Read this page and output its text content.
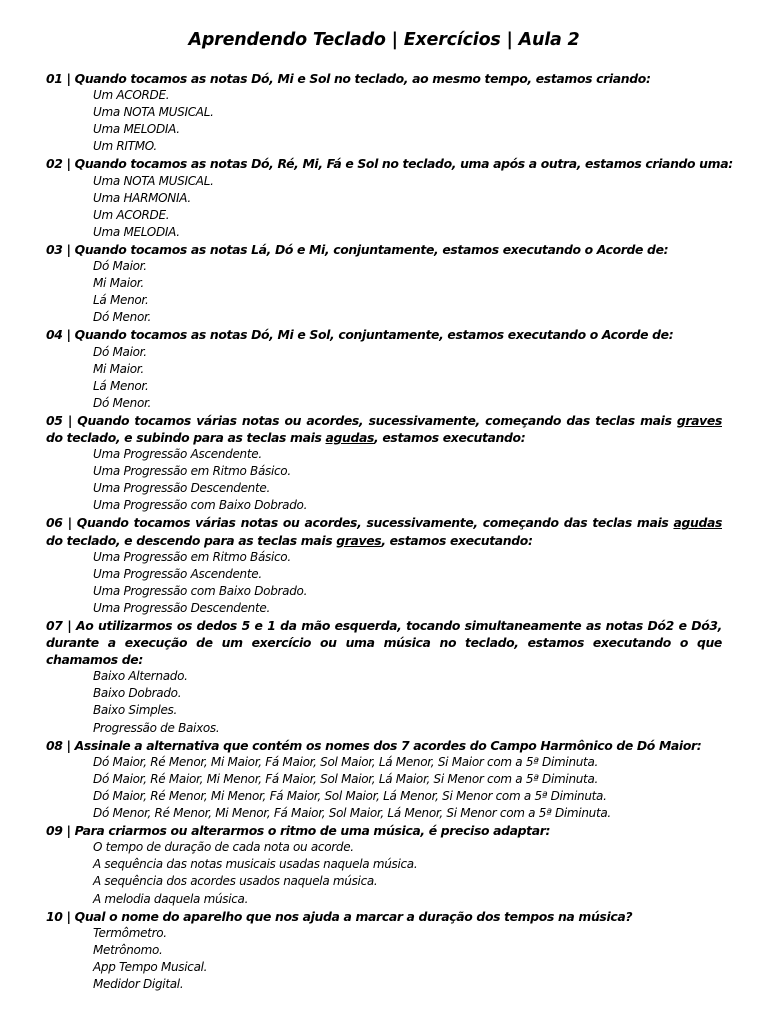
Aprendendo Teclado | Exercícios | Aula 2

01 | Quando tocamos as notas Dó, Mi e Sol no teclado, ao mesmo tempo, estamos criando:

Um ACORDE.
Uma NOTA MUSICAL.
Uma MELODIA.
Um RITMO.

02 | Quando tocamos as notas Dó, Ré, Mi, Fá e Sol no teclado, uma após a outra, estamos criando uma:

Uma NOTA MUSICAL.
Uma HARMONIA.
Um ACORDE.
Uma MELODIA.

03 | Quando tocamos as notas Lá, Dó e Mi, conjuntamente, estamos executando o Acorde de:

Dó Maior.
Mi Maior.
Lá Menor.
Dó Menor.

04 | Quando tocamos as notas Dó, Mi e Sol, conjuntamente, estamos executando o Acorde de:

Dó Maior.
Mi Maior.
Lá Menor.
Dó Menor.

05 | Quando tocamos várias notas ou acordes, sucessivamente, começando das teclas mais graves do teclado, e subindo para as teclas mais agudas, estamos executando:

Uma Progressão Ascendente.
Uma Progressão em Ritmo Básico.
Uma Progressão Descendente.
Uma Progressão com Baixo Dobrado.

06 | Quando tocamos várias notas ou acordes, sucessivamente, começando das teclas mais agudas do teclado, e descendo para as teclas mais graves, estamos executando:

Uma Progressão em Ritmo Básico.
Uma Progressão Ascendente.
Uma Progressão com Baixo Dobrado.
Uma Progressão Descendente.

07 | Ao utilizarmos os dedos 5 e 1 da mão esquerda, tocando simultaneamente as notas Dó2 e Dó3, durante a execução de um exercício ou uma música no teclado, estamos executando o que chamamos de:

Baixo Alternado.
Baixo Dobrado.
Baixo Simples.
Progressão de Baixos.

08 | Assinale a alternativa que contém os nomes dos 7 acordes do Campo Harmônico de Dó Maior:

Dó Maior, Ré Menor, Mi Maior, Fá Maior, Sol Maior, Lá Menor, Si Maior com a 5ª Diminuta.
Dó Maior, Ré Maior, Mi Menor, Fá Maior, Sol Maior, Lá Maior, Si Menor com a 5ª Diminuta.
Dó Maior, Ré Menor, Mi Menor, Fá Maior, Sol Maior, Lá Menor, Si Menor com a 5ª Diminuta.
Dó Menor, Ré Menor, Mi Menor, Fá Maior, Sol Maior, Lá Menor, Si Menor com a 5ª Diminuta.

09 | Para criarmos ou alterarmos o ritmo de uma música, é preciso adaptar:

O tempo de duração de cada nota ou acorde.
A sequência das notas musicais usadas naquela música.
A sequência dos acordes usados naquela música.
A melodia daquela música.

10 | Qual o nome do aparelho que nos ajuda a marcar a duração dos tempos na música?

Termômetro.
Metrônomo.
App Tempo Musical.
Medidor Digital.
